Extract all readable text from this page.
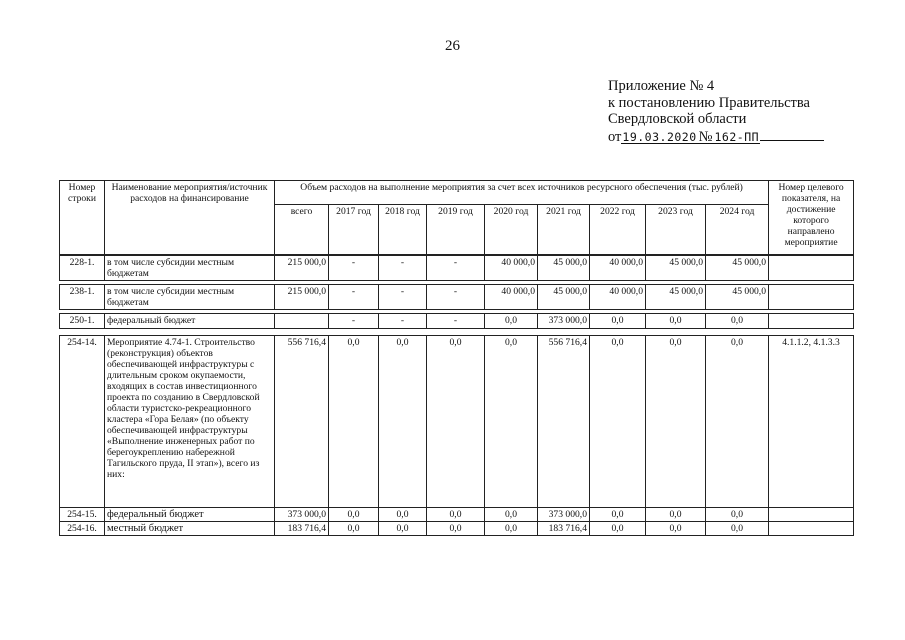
26
Приложение № 4
к постановлению Правительства
Свердловской области
от19.03.2020 № 162-ПП
Номер строки	Наименование мероприятия/источник расходов на финансирование	Объем расходов на выполнение мероприятия за счет всех источников ресурсного обеспечения (тыс. рублей)									Номер целевого показателя, на достижение которого направлено мероприятие
		всего	2017 год	2018 год	2019 год	2020 год	2021 год	2022 год	2023 год	2024 год	
228-1.	в том числе субсидии местным бюджетам	215 000,0	-	-	-	40 000,0	45 000,0	40 000,0	45 000,0	45 000,0	
238-1.	в том числе субсидии местным бюджетам	215 000,0	-	-	-	40 000,0	45 000,0	40 000,0	45 000,0	45 000,0	
250-1.	федеральный бюджет		-	-	-	0,0	373 000,0	0,0	0,0	0,0	
254-14.	Мероприятие 4.74-1. Строительство (реконструкция) объектов обеспечивающей инфраструктуры с длительным сроком окупаемости, входящих в состав инвестиционного проекта по созданию в Свердловской области туристско-рекреационного кластера «Гора Белая» (по объекту обеспечивающей инфраструктуры «Выполнение инженерных работ по берегоукреплению набережной Тагильского пруда, II этап»), всего из них:	556 716,4	0,0	0,0	0,0	0,0	556 716,4	0,0	0,0	0,0	4.1.1.2, 4.1.3.3
254-15.	федеральный бюджет	373 000,0	0,0	0,0	0,0	0,0	373 000,0	0,0	0,0	0,0	
254-16.	местный бюджет	183 716,4	0,0	0,0	0,0	0,0	183 716,4	0,0	0,0	0,0	
